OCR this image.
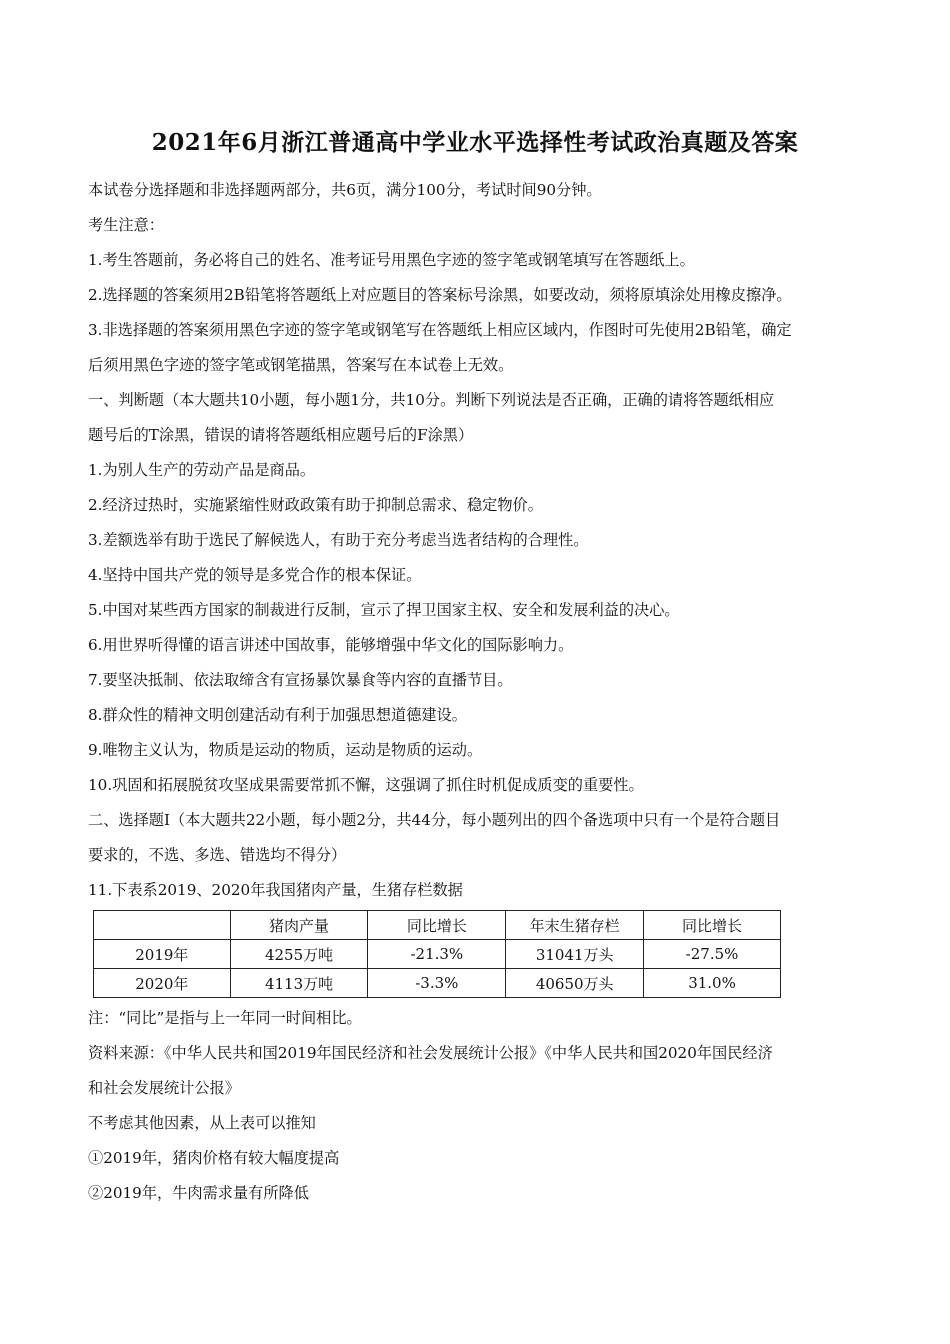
2021年6月浙江普通高中学业水平选择性考试政治真题及答案
本试卷分选择题和非选择题两部分，共6页，满分100分，考试时间90分钟。
考生注意：
1.考生答题前，务必将自己的姓名、准考证号用黑色字迹的签字笔或钢笔填写在答题纸上。
2.选择题的答案须用2B铅笔将答题纸上对应题目的答案标号涂黑，如要改动，须将原填涂处用橡皮擦净。
3.非选择题的答案须用黑色字迹的签字笔或钢笔写在答题纸上相应区域内，作图时可先使用2B铅笔，确定
后须用黑色字迹的签字笔或钢笔描黑，答案写在本试卷上无效。
一、判断题（本大题共10小题，每小题1分，共10分。判断下列说法是否正确，正确的请将答题纸相应
题号后的T涂黑，错误的请将答题纸相应题号后的F涂黑）
1.为别人生产的劳动产品是商品。
2.经济过热时，实施紧缩性财政政策有助于抑制总需求、稳定物价。
3.差额选举有助于选民了解候选人，有助于充分考虑当选者结构的合理性。
4.坚持中国共产党的领导是多党合作的根本保证。
5.中国对某些西方国家的制裁进行反制，宣示了捍卫国家主权、安全和发展利益的决心。
6.用世界听得懂的语言讲述中国故事，能够增强中华文化的国际影响力。
7.要坚决抵制、依法取缔含有宣扬暴饮暴食等内容的直播节目。
8.群众性的精神文明创建活动有利于加强思想道德建设。
9.唯物主义认为，物质是运动的物质，运动是物质的运动。
10.巩固和拓展脱贫攻坚成果需要常抓不懈，这强调了抓住时机促成质变的重要性。
二、选择题Ⅰ（本大题共22小题，每小题2分，共44分，每小题列出的四个备选项中只有一个是符合题目
要求的，不选、多选、错选均不得分）
11.下表系2019、2020年我国猪肉产量，生猪存栏数据
	猪肉产量	同比增长	年末生猪存栏	同比增长
2019年	4255万吨	-21.3%	31041万头	-27.5%
2020年	4113万吨	-3.3%	40650万头	31.0%
注：“同比”是指与上一年同一时间相比。
资料来源：《中华人民共和国2019年国民经济和社会发展统计公报》《中华人民共和国2020年国民经济
和社会发展统计公报》
不考虑其他因素，从上表可以推知
①2019年，猪肉价格有较大幅度提高
②2019年，牛肉需求量有所降低
